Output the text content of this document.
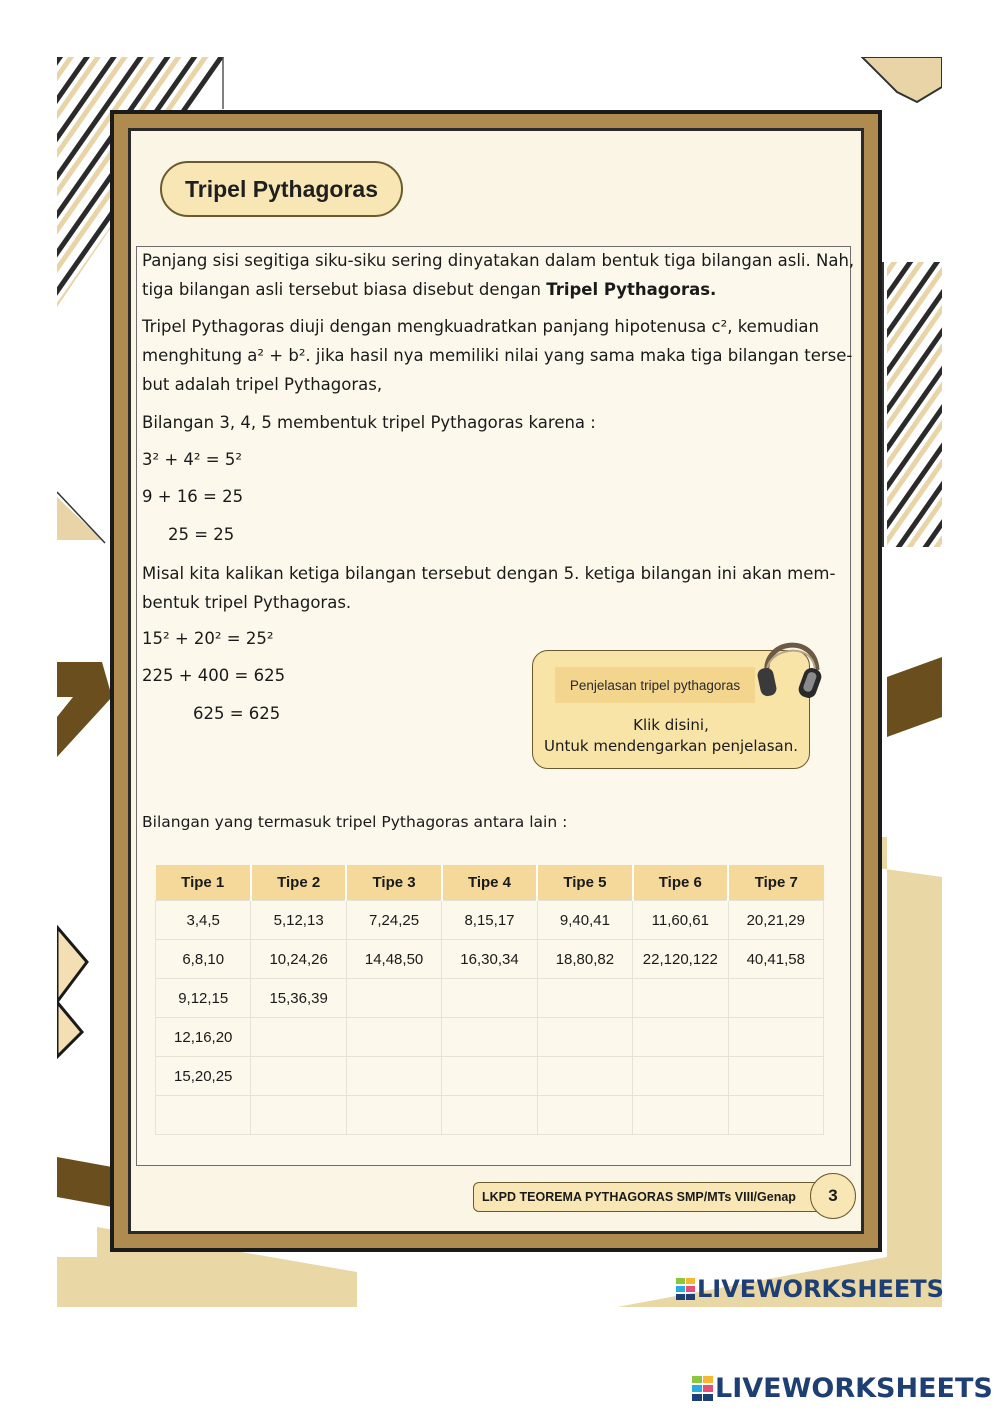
Tripel Pythagoras
Panjang sisi segitiga siku-siku sering dinyatakan dalam bentuk tiga bilangan asli. Nah,
tiga bilangan asli tersebut biasa disebut dengan Tripel Pythagoras.
Tripel Pythagoras diuji dengan mengkuadratkan panjang hipotenusa c², kemudian
menghitung a² + b². jika hasil nya memiliki nilai yang sama maka tiga bilangan terse-
but adalah tripel Pythagoras,
Bilangan 3, 4, 5 membentuk tripel Pythagoras karena :
3² + 4² = 5²
9 + 16 = 25
25 = 25
Misal kita kalikan ketiga bilangan tersebut dengan 5. ketiga bilangan ini akan mem-
bentuk tripel Pythagoras.
15² + 20² = 25²
225 + 400 = 625
625 = 625
Penjelasan tripel pythagoras
Klik disini,
Untuk mendengarkan penjelasan.
Bilangan yang termasuk tripel Pythagoras antara lain :
Tipe 1	Tipe 2	Tipe 3	Tipe 4	Tipe 5	Tipe 6	Tipe 7
3,4,5	5,12,13	7,24,25	8,15,17	9,40,41	11,60,61	20,21,29
6,8,10	10,24,26	14,48,50	16,30,34	18,80,82	22,120,122	40,41,58
9,12,15	15,36,39					
12,16,20						
15,20,25						

LKPD TEOREMA PYTHAGORAS SMP/MTs VIII/Genap	3
LIVEWORKSHEETS
LIVEWORKSHEETS
